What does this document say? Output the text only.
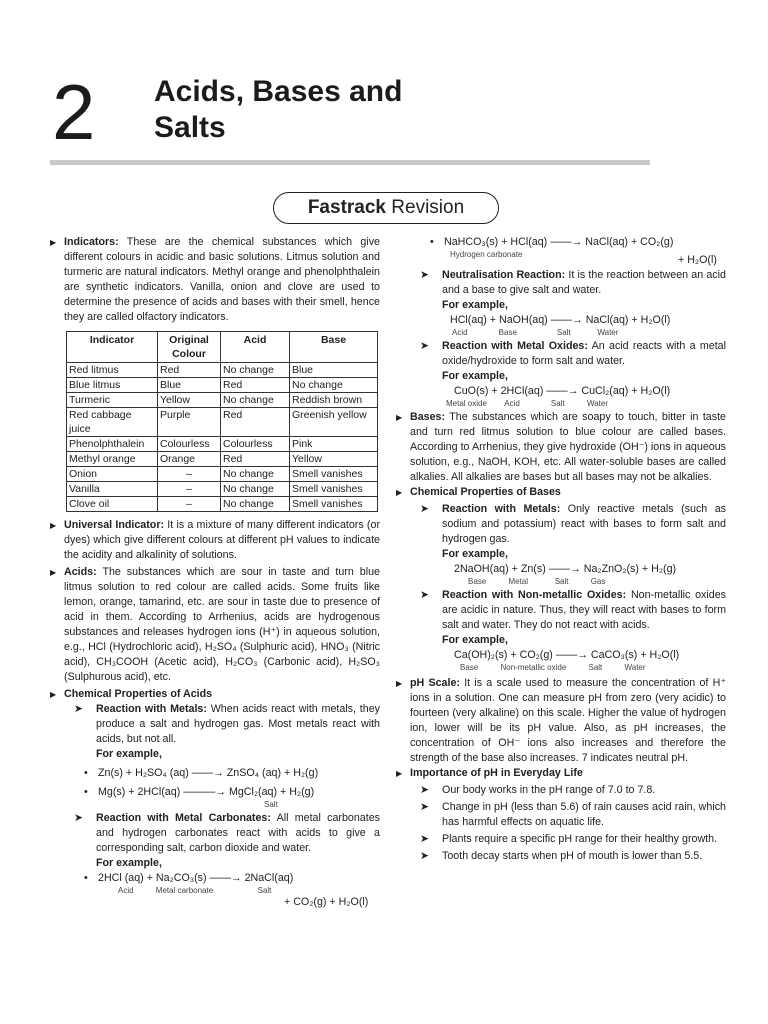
2 Acids, Bases and Salts
Fastrack Revision

▶ Indicators: These are the chemical substances which give different colours in acidic and basic solutions. Litmus solution and turmeric are natural indicators. Methyl orange and phenolphthalein are synthetic indicators. Vanilla, onion and clove are used to determine the presence of acids and bases with their smell, hence they are called olfactory indicators.

Indicator	Original Colour	Acid	Base
Red litmus	Red	No change	Blue
Blue litmus	Blue	Red	No change
Turmeric	Yellow	No change	Reddish brown
Red cabbage juice	Purple	Red	Greenish yellow
Phenolphthalein	Colourless	Colourless	Pink
Methyl orange	Orange	Red	Yellow
Onion	–	No change	Smell vanishes
Vanilla	–	No change	Smell vanishes
Clove oil	–	No change	Smell vanishes

▶ Universal Indicator: It is a mixture of many different indicators (or dyes) which give different colours at different pH values to indicate the acidity and alkalinity of solutions.

▶ Acids: The substances which are sour in taste and turn blue litmus solution to red colour are called acids. Some fruits like lemon, orange, tamarind, etc. are sour in taste due to presence of acid in them. According to Arrhenius, acids are hydrogenous substances and releases hydrogen ions (H⁺) in aqueous solution, e.g., HCl (Hydrochloric acid), H₂SO₄ (Sulphuric acid), HNO₃ (Nitric acid), CH₃COOH (Acetic acid), H₂CO₃ (Carbonic acid), H₂SO₃ (Sulphurous acid), etc.

▶ Chemical Properties of Acids

➤ Reaction with Metals: When acids react with metals, they produce a salt and hydrogen gas. Most metals react with acids, but not all.

For example,

• Zn(s) + H₂SO₄ (aq) ——→ ZnSO₄ (aq) + H₂(g)

• Mg(s) + 2HCl(aq) ———→ MgCl₂(aq) + H₂(g)

Salt

➤ Reaction with Metal Carbonates: All metal carbonates and hydrogen carbonates react with acids to give a corresponding salt, carbon dioxide and water.

For example,

• 2HCl (aq) + Na₂CO₃(s) ——→ 2NaCl(aq)

Acid          Metal carbonate                    Salt

+ CO₂(g) + H₂O(l)

• NaHCO₃(s) + HCl(aq) ——→ NaCl(aq) + CO₂(g)

Hydrogen carbonate	+ H₂O(l)

➤ Neutralisation Reaction: It is the reaction between an acid and a base to give salt and water.

For example,

HCl(aq) + NaOH(aq) ——→ NaCl(aq) + H₂O(l)

Acid              Base                  Salt            Water

➤ Reaction with Metal Oxides: An acid reacts with a metal oxide/hydroxide to form salt and water.

For example,

CuO(s) + 2HCl(aq) ——→ CuCl₂(aq) + H₂O(l)

Metal oxide        Acid              Salt          Water

▶ Bases: The substances which are soapy to touch, bitter in taste and turn red litmus solution to blue colour are called bases. According to Arrhenius, they give hydroxide (OH⁻) ions in aqueous solution, e.g., NaOH, KOH, etc. All water-soluble bases are called alkalies. All alkalies are bases but all bases may not be alkalies.

▶ Chemical Properties of Bases

➤ Reaction with Metals: Only reactive metals (such as sodium and potassium) react with bases to form salt and hydrogen gas.

For example,

2NaOH(aq) + Zn(s) ——→ Na₂ZnO₂(s) + H₂(g)

Base          Metal            Salt          Gas

➤ Reaction with Non-metallic Oxides: Non-metallic oxides are acidic in nature. Thus, they will react with bases to form salt and water. They do not react with acids.

For example,

Ca(OH)₂(s) + CO₂(g) ——→ CaCO₃(s) + H₂O(l)

Base          Non-metallic oxide          Salt          Water

▶ pH Scale: It is a scale used to measure the concentration of H⁺ ions in a solution. One can measure pH from zero (very acidic) to fourteen (very alkaline) on this scale. Higher the value of hydrogen ion, lower will be its pH value. Also, as pH increases, the concentration of OH⁻ ions also increases and therefore the strength of the base also increases. 7 indicates neutral pH.

▶ Importance of pH in Everyday Life

➤ Our body works in the pH range of 7.0 to 7.8.

➤ Change in pH (less than 5.6) of rain causes acid rain, which has harmful effects on aquatic life.

➤ Plants require a specific pH range for their healthy growth.

➤ Tooth decay starts when pH of mouth is lower than 5.5.
